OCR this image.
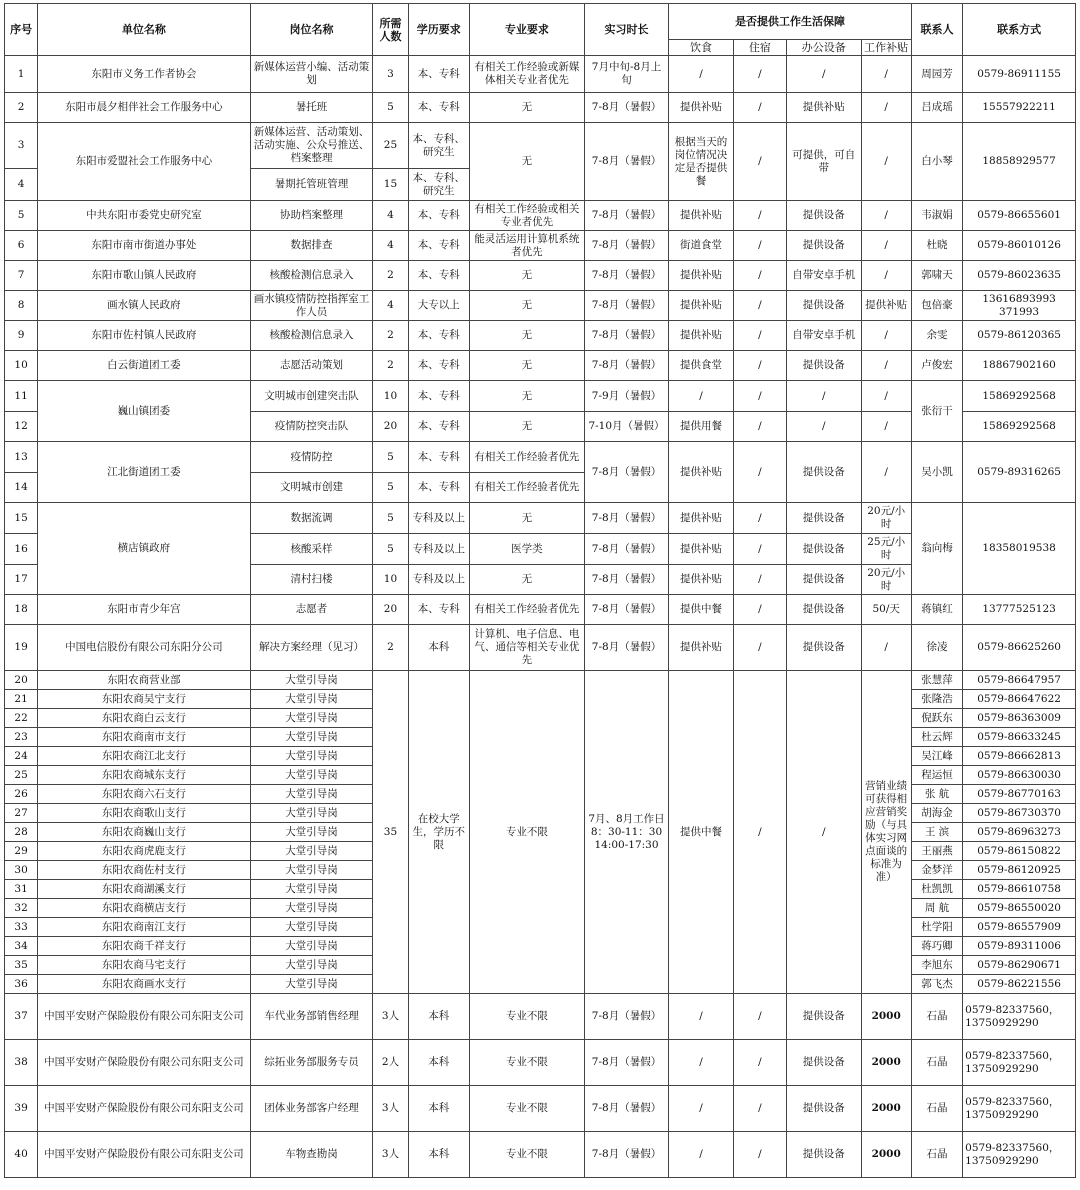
序号	单位名称	岗位名称	所需人数	学历要求	专业要求	实习时长	是否提供工作生活保障				联系人	联系方式
							饮食	住宿	办公设备	工作补贴		
1	东阳市义务工作者协会	新媒体运营小编、活动策划	3	本、专科	有相关工作经验或新媒体相关专业者优先	7月中旬-8月上旬	/	/	/	/	周园芳	0579-86911155
2	东阳市晨夕相伴社会工作服务中心	暑托班	5	本、专科	无	7-8月（暑假）	提供补贴	/	提供补贴	/	吕成瑶	15557922211
3	东阳市爱盟社会工作服务中心	新媒体运营、活动策划、活动实施、公众号推送、档案整理	25	本、专科、研究生	无	7-8月（暑假）	根据当天的岗位情况决定是否提供餐	/	可提供，可自带	/	白小琴	18858929577
4		暑期托管班管理	15	本、专科、研究生								
5	中共东阳市委党史研究室	协助档案整理	4	本、专科	有相关工作经验或相关专业者优先	7-8月（暑假）	提供补贴	/	提供设备	/	韦淑娟	0579-86655601
6	东阳市南市街道办事处	数据排查	4	本、专科	能灵活运用计算机系统者优先	7-8月（暑假）	街道食堂	/	提供设备	/	杜晓	0579-86010126
7	东阳市歌山镇人民政府	核酸检测信息录入	2	本、专科	无	7-8月（暑假）	提供补贴	/	自带安卓手机	/	郭啸天	0579-86023635
8	画水镇人民政府	画水镇疫情防控指挥室工作人员	4	大专以上	无	7-8月（暑假）	提供补贴	/	提供设备	提供补贴	包倍豪	13616893993 371993
9	东阳市佐村镇人民政府	核酸检测信息录入	2	本、专科	无	7-8月（暑假）	提供补贴	/	自带安卓手机	/	余雯	0579-86120365
10	白云街道团工委	志愿活动策划	2	本、专科	无	7-8月（暑假）	提供食堂	/	提供设备	/	卢俊宏	18867902160
11	巍山镇团委	文明城市创建突击队	10	本、专科	无	7-9月（暑假）	/	/	/	/	张衍干	15869292568
12		疫情防控突击队	20	本、专科	无	7-10月（暑假）	提供用餐	/	/	/		15869292568
13	江北街道团工委	疫情防控	5	本、专科	有相关工作经验者优先	7-8月（暑假）	提供补贴	/	提供设备	/	吴小凯	0579-89316265
14		文明城市创建	5	本、专科	有相关工作经验者优先							
15	横店镇政府	数据流调	5	专科及以上	无	7-8月（暑假）	提供补贴	/	提供设备	20元/小时	翁向梅	18358019538
16		核酸采样	5	专科及以上	医学类	7-8月（暑假）	提供补贴	/	提供设备	25元/小时		
17		清村扫楼	10	专科及以上	无	7-8月（暑假）	提供补贴	/	提供设备	20元/小时		
18	东阳市青少年宫	志愿者	20	本、专科	有相关工作经验者优先	7-8月（暑假）	提供中餐	/	提供设备	50/天	蒋镇红	13777525123
19	中国电信股份有限公司东阳分公司	解决方案经理（见习）	2	本科	计算机、电子信息、电气、通信等相关专业优先	7-8月（暑假）	提供补贴	/	提供设备	/	徐凌	0579-86625260
20	东阳农商营业部	大堂引导岗	35	在校大学生，学历不限	专业不限	7月、8月工作日8：30-11：30 14:00-17:30	提供中餐	/	/	营销业绩可获得相应营销奖励（与具体实习网点面谈的标准为准）	张慧萍	0579-86647957
21	东阳农商吴宁支行	大堂引导岗									张隆浩	0579-86647622
22	东阳农商白云支行	大堂引导岗									倪跃东	0579-86363009
23	东阳农商南市支行	大堂引导岗									杜云辉	0579-86633245
24	东阳农商江北支行	大堂引导岗									吴江峰	0579-86662813
25	东阳农商城东支行	大堂引导岗									程运恒	0579-86630030
26	东阳农商六石支行	大堂引导岗									张 航	0579-86770163
27	东阳农商歌山支行	大堂引导岗									胡海金	0579-86730370
28	东阳农商巍山支行	大堂引导岗									王 滨	0579-86963273
29	东阳农商虎鹿支行	大堂引导岗									王丽燕	0579-86150822
30	东阳农商佐村支行	大堂引导岗									金梦洋	0579-86120925
31	东阳农商湖溪支行	大堂引导岗									杜凯凯	0579-86610758
32	东阳农商横店支行	大堂引导岗									周 航	0579-86550020
33	东阳农商南江支行	大堂引导岗									杜学阳	0579-86557909
34	东阳农商千祥支行	大堂引导岗									蒋巧卿	0579-89311006
35	东阳农商马宅支行	大堂引导岗									李旭东	0579-86290671
36	东阳农商画水支行	大堂引导岗									郭飞杰	0579-86221556
37	中国平安财产保险股份有限公司东阳支公司	车代业务部销售经理	3人	本科	专业不限	7-8月（暑假）	/	/	提供设备	2000	石晶	0579-82337560，13750929290
38	中国平安财产保险股份有限公司东阳支公司	综拓业务部服务专员	2人	本科	专业不限	7-8月（暑假）	/	/	提供设备	2000	石晶	0579-82337560，13750929290
39	中国平安财产保险股份有限公司东阳支公司	团体业务部客户经理	3人	本科	专业不限	7-8月（暑假）	/	/	提供设备	2000	石晶	0579-82337560，13750929290
40	中国平安财产保险股份有限公司东阳支公司	车物查勘岗	3人	本科	专业不限	7-8月（暑假）	/	/	提供设备	2000	石晶	0579-82337560，13750929290
